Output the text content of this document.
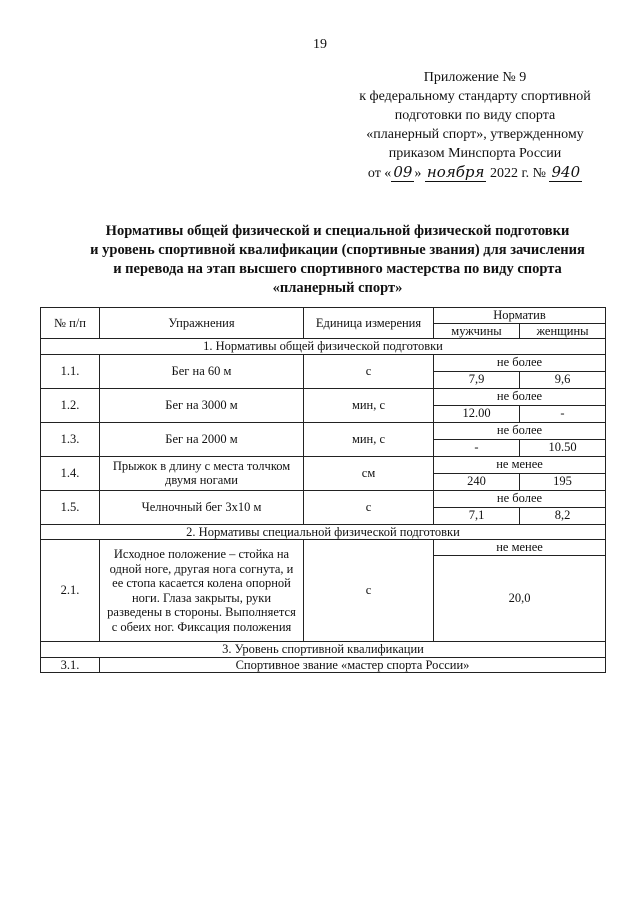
19
Приложение № 9
к федеральному стандарту спортивной
подготовки по виду спорта
«планерный спорт», утвержденному
приказом Минспорта России
от « 09 » ноября 2022 г. № 940
Нормативы общей физической и специальной физической подготовки
и уровень спортивной квалификации (спортивные звания) для зачисления
и перевода на этап высшего спортивного мастерства по виду спорта
«планерный спорт»
№ п/п	Упражнения	Единица измерения	Норматив	
			мужчины	женщины
1. Нормативы общей физической подготовки				
1.1.	Бег на 60 м	с	не более	
			7,9	9,6
1.2.	Бег на 3000 м	мин, с	не более	
			12.00	-
1.3.	Бег на 2000 м	мин, с	не более	
			-	10.50
1.4.	Прыжок в длину с места толчком двумя ногами	см	не менее	
			240	195
1.5.	Челночный бег 3х10 м	с	не более	
			7,1	8,2
2. Нормативы специальной физической подготовки				
2.1.	Исходное положение – стойка на одной ноге, другая нога согнута, и ее стопа касается колена опорной ноги. Глаза закрыты, руки разведены в стороны. Выполняется с обеих ног. Фиксация положения	с	не менее	
			20,0	
3. Уровень спортивной квалификации				
3.1.	Спортивное звание «мастер спорта России»			
